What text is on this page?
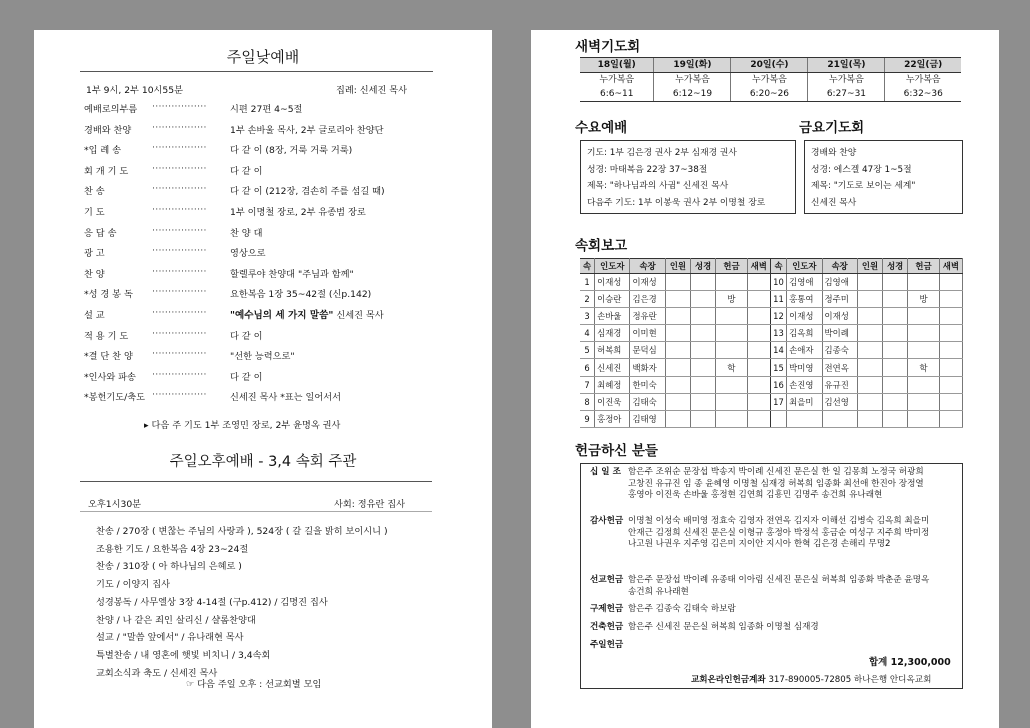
주일낮예배
1부 9시, 2부 10시55분	집례: 신세진 목사
예배로의부름 ·················	시편 27편 4~5절
경배와 찬양 ·················	1부 손바울 목사, 2부 글로리아 찬양단
*입 례 송	·················	다 같 이 (8장, 거룩 거룩 거룩)
회 개 기 도	·················	다 같 이
찬 송	·················	다 같 이 (212장, 겸손히 주를 섬길 때)
기 도	·················	1부 이명철 장로, 2부 유종범 장로
응 답 송	·················	찬 양 대
광 고	·················	영상으로
찬 양	·················	할렐루야 찬양대 "주님과 함께"
*성 경 봉 독 ·················	요한복음 1장 35~42절 (신p.142)
설 교	················· "예수님의 세 가지 말씀" 신세진 목사
적 용 기 도	·················	다 같 이
*결 단 찬 양 ·················	"선한 능력으로"
*인사와 파송 ·················	다 같 이
*봉헌기도/축도 ·················	신세진 목사 *표는 일어서서
▸ 다음 주 기도 1부 조영민 장로, 2부 윤명옥 권사
주일오후예배 - 3,4 속회 주관
오후1시30분	사회: 정유란 집사
찬송 / 270장 ( 변찮는 주님의 사랑과 ), 524장 ( 갈 길을 밝히 보이시니 )
조용한 기도 / 요한복음 4장 23~24절
찬송 / 310장 ( 아 하나님의 은혜로 )
기도 / 이양지 집사
성경봉독 / 사무엘상 3장 4-14절 (구p.412) / 김명진 집사
찬양 / 나 같은 죄인 살리신 / 샬롬찬양대
설교 / "말씀 앞에서" / 유나래현 목사
특별찬송 / 내 영혼에 햇빛 비치니 / 3,4속회
교회소식과 축도 / 신세진 목사
☞ 다음 주일 오후 : 선교회별 모임
새벽기도회
18일(월)	19일(화)	20일(수)	21일(목)	22일(금)
누가복음	누가복음	누가복음	누가복음	누가복음
6:6~11	6:12~19	6:20~26	6:27~31	6:32~36
수요예배
기도: 1부 김은경 권사 2부 심재경 권사
성경: 마태복음 22장 37~38절
제목: "하나님과의 사귐" 신세진 목사
다음주 기도: 1부 이봉욱 권사 2부 이명철 장로
금요기도회
경배와 찬양
성경: 에스겔 47장 1~5절
제목: "기도로 보이는 세계"
신세진 목사
속회보고
속	인도자	속장	인원	성경	헌금	새벽	속	인도자	속장	인원	성경	헌금	새벽
1	이재성	이재성					10	김영애	김영애				
2	이승란	김은경			방		11	홍통여	정주미			방	
3	손바울	정유란					12	이재성	이재성				
4	심재경	이미현					13	김옥희	박이례				
5	허복희	문덕심					14	손애자	김종숙				
6	신세진	백화자			학		15	박미영	전연옥			학	
7	최혜정	한미숙					16	손진영	유규진				
8	이진욱	김태숙					17	최을미	김선영				
9	홍정아	김태영											
헌금하신 분들
십 일 조 함은주 조위순 문장섭 박송지 박이례 신세진 문은실 한 일 김몽희 노정국 허광희
고창진 유규진 임 종 윤혜영 이명철 심재경 허복희 임종화 최선애 한진아 장정열
홍영아 이진욱 손바울 홍정현 김연희 김흥민 김명주 송건희 유나래현
감사헌금 이명철 이성숙 배미영 정효숙 김영자 전연옥 김지자 이해선 김병숙 김옥희 최을미
안재근 김정희 신세진 문은실 이형규 홍정아 박정석 홍금순 여성구 지주희 박미정
나고원 나권우 지주영 김은미 지이안 지시아 한혁 김은경 손해리 무명2
선교헌금 함은주 문장섭 박이례 유종태 이아림 신세진 문은실 허복희 임종화 박춘준 윤명옥
송건희 유나래현
구제헌금 함은주 김종숙 김태숙 하보람
건축헌금 함은주 신세진 문은실 허복희 임종화 이명철 심재경
주일헌금
합계 12,300,000
교회온라인헌금계좌 317-890005-72805 하나은행 안디옥교회
